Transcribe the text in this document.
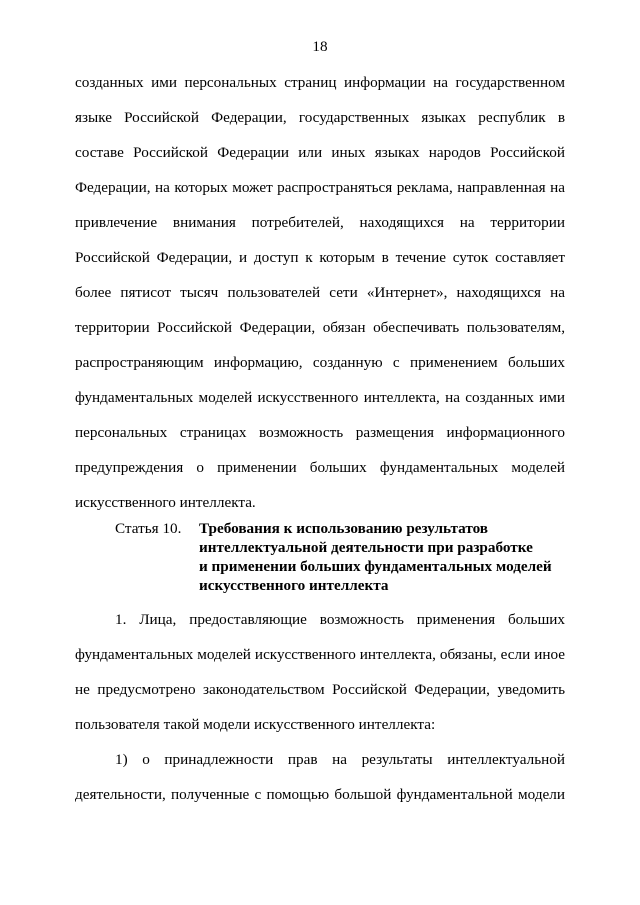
18
созданных ими персональных страниц информации на государственном
языке Российской Федерации, государственных языках республик в
составе Российской Федерации или иных языках народов Российской
Федерации, на которых может распространяться реклама, направленная на
привлечение внимания потребителей, находящихся на территории
Российской Федерации, и доступ к которым в течение суток составляет
более пятисот тысяч пользователей сети «Интернет», находящихся на
территории Российской Федерации, обязан обеспечивать пользователям,
распространяющим информацию, созданную с применением больших
фундаментальных моделей искусственного интеллекта, на созданных ими
персональных страницах возможность размещения информационного
предупреждения о применении больших фундаментальных моделей
искусственного интеллекта.
Статья 10. Требования к использованию результатов
интеллектуальной деятельности при разработке
и применении больших фундаментальных моделей
искусственного интеллекта
1. Лица, предоставляющие возможность применения больших
фундаментальных моделей искусственного интеллекта, обязаны, если иное
не предусмотрено законодательством Российской Федерации, уведомить
пользователя такой модели искусственного интеллекта:
1) о принадлежности прав на результаты интеллектуальной
деятельности, полученные с помощью большой фундаментальной модели
